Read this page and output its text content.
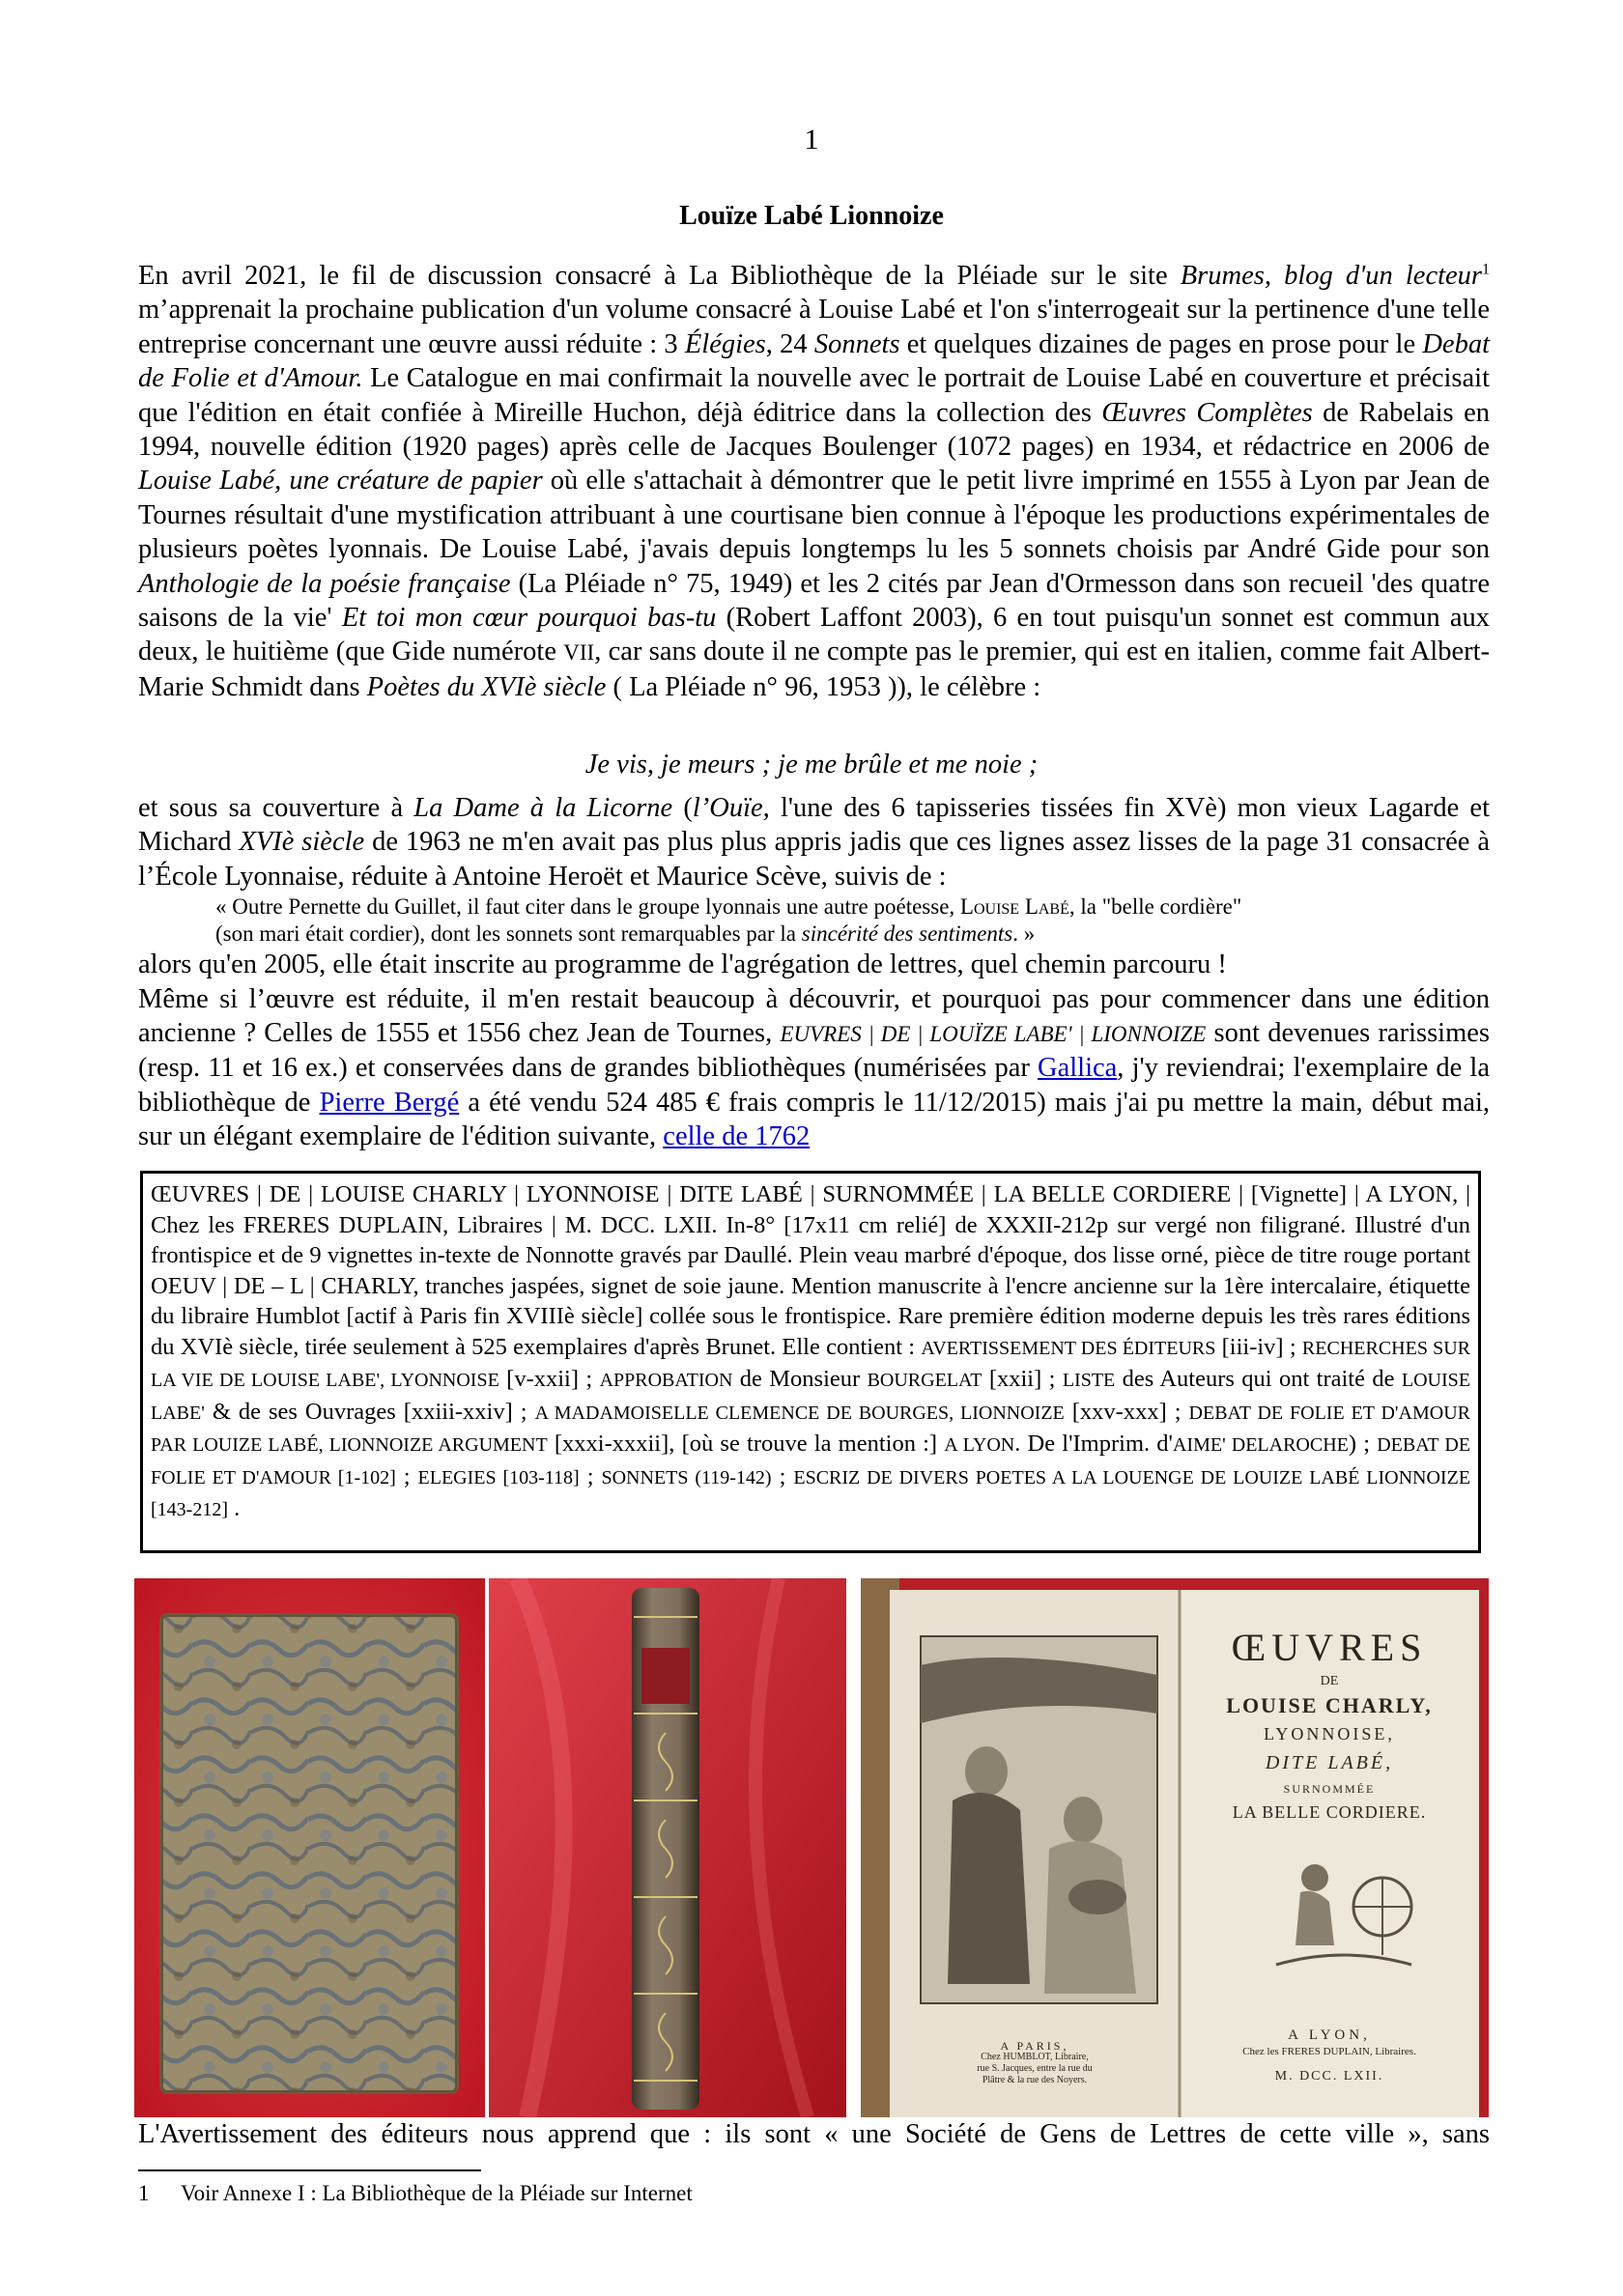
1
Louïze Labé Lionnoize

En avril 2021, le fil de discussion consacré à La Bibliothèque de la Pléiade sur le site Brumes, blog d'un lecteur$^1$ m’apprenait la prochaine publication d'un volume consacré à Louise Labé et l'on s'interrogeait sur la pertinence d'une telle entreprise concernant une œuvre aussi réduite : 3 Élégies, 24 Sonnets et quelques dizaines de pages en prose pour le Debat de Folie et d'Amour. Le Catalogue en mai confirmait la nouvelle avec le portrait de Louise Labé en couverture et précisait que l'édition en était confiée à Mireille Huchon, déjà éditrice dans la collection des Œuvres Complètes de Rabelais en 1994, nouvelle édition (1920 pages) après celle de Jacques Boulenger (1072 pages) en 1934, et rédactrice en 2006 de Louise Labé, une créature de papier où elle s'attachait à démontrer que le petit livre imprimé en 1555 à Lyon par Jean de Tournes résultait d'une mystification attribuant à une courtisane bien connue à l'époque les productions expérimentales de plusieurs poètes lyonnais. De Louise Labé, j'avais depuis longtemps lu les 5 sonnets choisis par André Gide pour son Anthologie de la poésie française (La Pléiade n° 75, 1949) et les 2 cités par Jean d'Ormesson dans son recueil 'des quatre saisons de la vie' Et toi mon cœur pourquoi bas-tu (Robert Laffont 2003), 6 en tout puisqu'un sonnet est commun aux deux, le huitième (que Gide numérote VII, car sans doute il ne compte pas le premier, qui est en italien, comme fait Albert-Marie Schmidt dans Poètes du XVIè siècle ( La Pléiade n° 96, 1953 )), le célèbre :

Je vis, je meurs ; je me brûle et me noie ;

et sous sa couverture à La Dame à la Licorne (l’Ouïe, l'une des 6 tapisseries tissées fin XVè) mon vieux Lagarde et Michard XVIè siècle de 1963 ne m'en avait pas plus plus appris jadis que ces lignes assez lisses de la page 31 consacrée à l’École Lyonnaise, réduite à Antoine Heroët et Maurice Scève, suivis de :

« Outre Pernette du Guillet, il faut citer dans le groupe lyonnais une autre poétesse, Louise Labé, la "belle cordière"
(son mari était cordier), dont les sonnets sont remarquables par la sincérité des sentiments. »

alors qu'en 2005, elle était inscrite au programme de l'agrégation de lettres, quel chemin parcouru !

Même si l’œuvre est réduite, il m'en restait beaucoup à découvrir, et pourquoi pas pour commencer dans une édition ancienne ? Celles de 1555 et 1556 chez Jean de Tournes, EUVRES | DE | LOUÏZE LABE' | LIONNOIZE sont devenues rarissimes (resp. 11 et 16 ex.) et conservées dans de grandes bibliothèques (numérisées par Gallica, j'y reviendrai; l'exemplaire de la bibliothèque de Pierre Bergé a été vendu 524 485 € frais compris le 11/12/2015) mais j'ai pu mettre la main, début mai, sur un élégant exemplaire de l'édition suivante, celle de 1762

ŒUVRES | DE | LOUISE CHARLY | LYONNOISE | DITE LABÉ | SURNOMMÉE | LA BELLE CORDIERE | [Vignette] | A LYON, | Chez les FRERES DUPLAIN, Libraires | M. DCC. LXII. In-8° [17x11 cm relié] de XXXII-212p sur vergé non filigrané. Illustré d'un frontispice et de 9 vignettes in-texte de Nonnotte gravés par Daullé. Plein veau marbré d'époque, dos lisse orné, pièce de titre rouge portant OEUV | DE – L | CHARLY, tranches jaspées, signet de soie jaune. Mention manuscrite à l'encre ancienne sur la 1ère intercalaire, étiquette du libraire Humblot [actif à Paris fin XVIIIè siècle] collée sous le frontispice. Rare première édition moderne depuis les très rares éditions du XVIè siècle, tirée seulement à 525 exemplaires d'après Brunet. Elle contient : AVERTISSEMENT DES ÉDITEURS [iii-iv] ; RECHERCHES SUR LA VIE DE LOUISE LABE', LYONNOISE [v-xxii] ; APPROBATION de Monsieur BOURGELAT [xxii] ; LISTE des Auteurs qui ont traité de LOUISE LABE' & de ses Ouvrages [xxiii-xxiv] ; A MADAMOISELLE CLEMENCE DE BOURGES, LIONNOIZE [xxv-xxx] ; DEBAT DE FOLIE ET D'AMOUR PAR LOUIZE LABÉ, LIONNOIZE ARGUMENT [xxxi-xxxii], [où se trouve la mention :] A LYON. De l'Imprim. d'AIME' DELAROCHE) ; DEBAT DE FOLIE ET D'AMOUR [1-102] ; ELEGIES [103-118] ; SONNETS (119-142) ; ESCRIZ DE DIVERS POETES A LA LOUENGE DE LOUIZE LABÉ LIONNOIZE [143-212] .
ŒUVRES
DE
LOUISE CHARLY,
LYONNOISE,
DITE LABÉ,
SURNOMMÉE
LA BELLE CORDIERE.
A LYON,
Chez les FRERES DUPLAIN, Libraires.
M. DCC. LXII.
A PARIS,
Chez HUMBLOT, Libraire,
rue S. Jacques, entre la rue du
Plâtre & la rue des Noyers.
L'Avertissement des éditeurs nous apprend que : ils sont « une Société de Gens de Lettres de cette ville », sans
1 Voir Annexe I : La Bibliothèque de la Pléiade sur Internet
